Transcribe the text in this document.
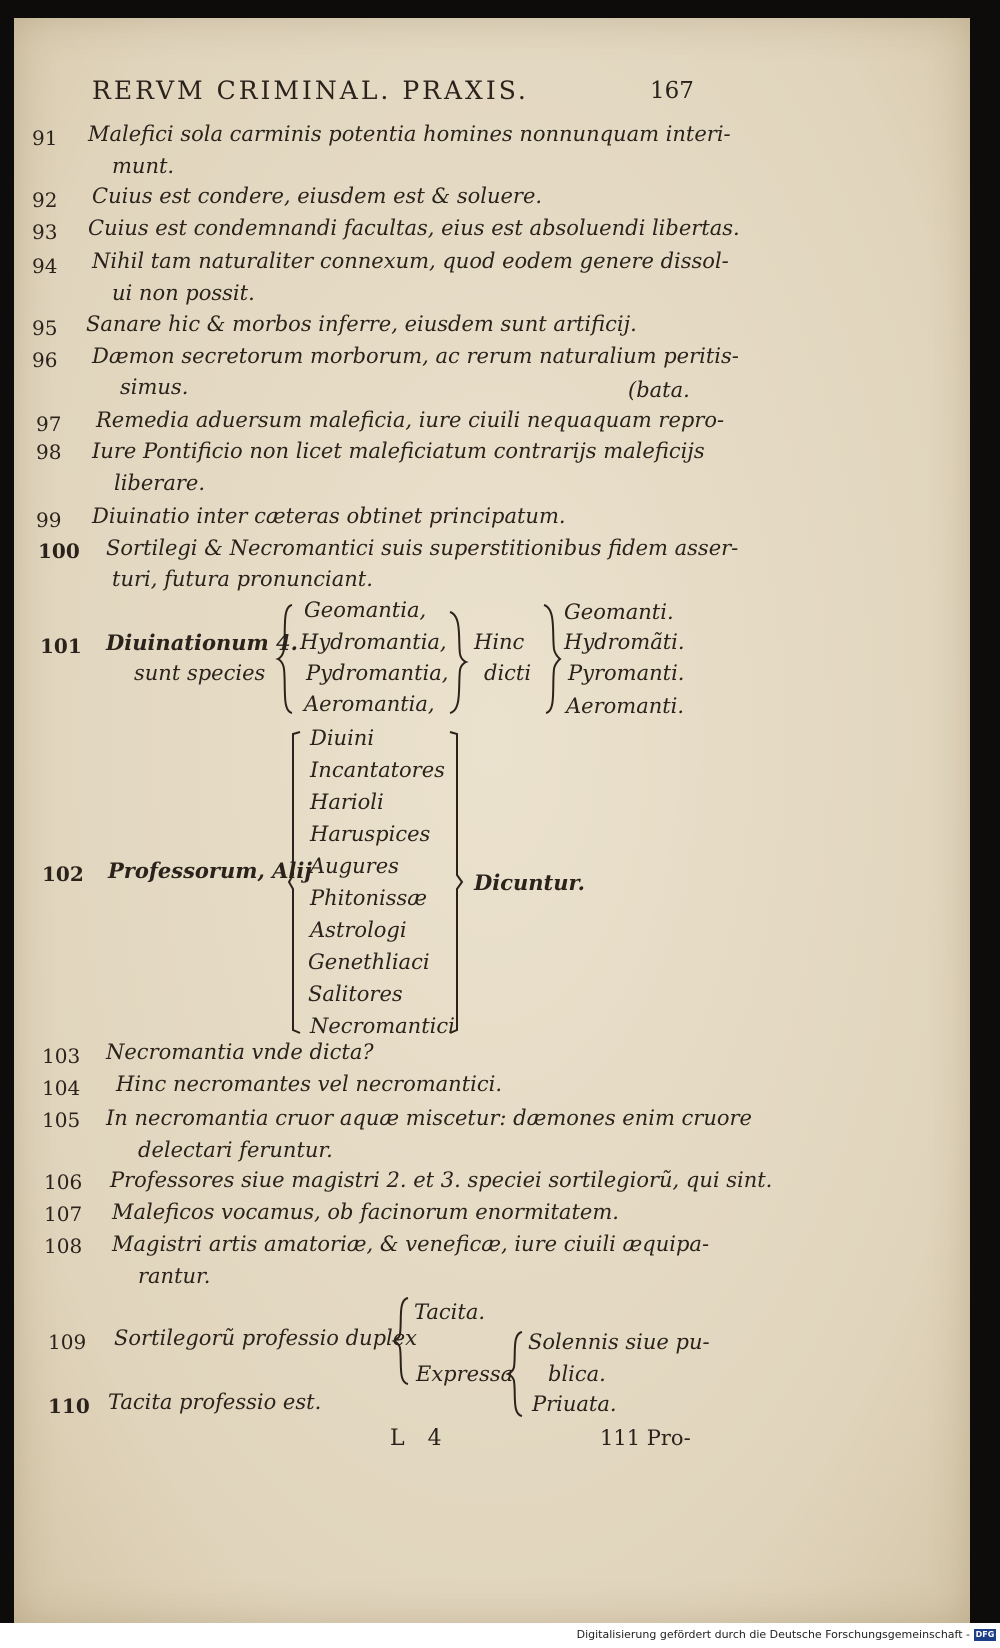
RERVM CRIMINAL. PRAXIS.	167
91 Malefici sola carminis potentia homines nonnunquam interi-
munt.
92 Cuius est condere, eiusdem est & soluere.
93 Cuius est condemnandi facultas, eius est absoluendi libertas.
94 Nihil tam naturaliter connexum, quod eodem genere dissol-
ui non possit.
95 Sanare hic & morbos inferre, eiusdem sunt artificij.
96 Dæmon secretorum morborum, ac rerum naturalium peritis-
simus.	(bata.
97 Remedia aduersum maleficia, iure ciuili nequaquam repro-
98 Iure Pontificio non licet maleficiatum contrarijs maleficijs
liberare.
99 Diuinatio inter cæteras obtinet principatum.
100 Sortilegi & Necromantici suis superstitionibus fidem asser-
turi, futura pronunciant.
101 Diuinationum 4.
sunt species
Geomantia,
Hydromantia,
Pydromantia,
Aeromantia,
Hinc
dicti
Geomanti.
Hydromãti.
Pyromanti.
Aeromanti.
102 Professorum, Alij
Diuini
Incantatores
Harioli
Haruspices
Augures
Phitonissæ
Astrologi
Genethliaci
Salitores
Necromantici
Dicuntur.
103 Necromantia vnde dicta?
104 Hinc necromantes vel necromantici.
105 In necromantia cruor aquæ miscetur: dæmones enim cruore
delectari feruntur.
106 Professores siue magistri 2. et 3. speciei sortilegiorũ, qui sint.
107 Maleficos vocamus, ob facinorum enormitatem.
108 Magistri artis amatoriæ, & veneficæ, iure ciuili æquipa-
rantur.
109 Sortilegorũ professio duplex
Tacita.
Expressa
Solennis siue pu-
blica.
Priuata.
110 Tacita professio est.
L 4	111 Pro-
Digitalisierung gefördert durch die Deutsche Forschungsgemeinschaft - DFG
